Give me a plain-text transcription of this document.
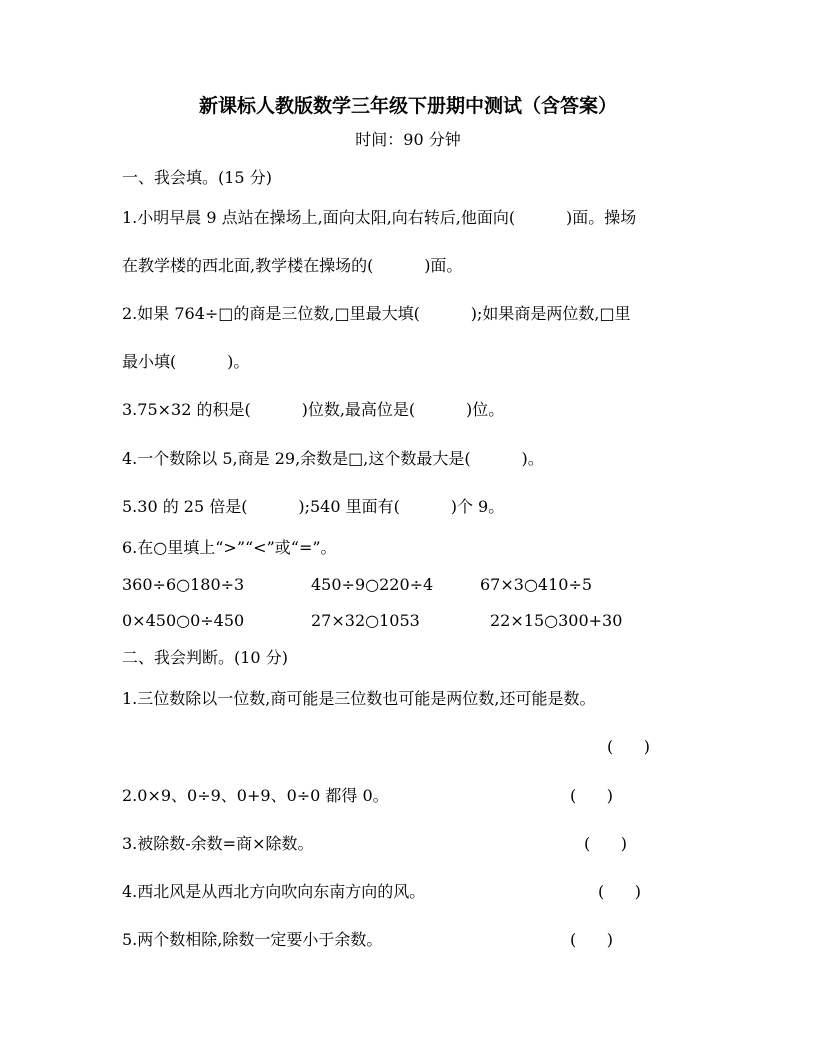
新课标人教版数学三年级下册期中测试（含答案）
时间：90 分钟
一、我会填。(15 分)
1.小明早晨 9 点站在操场上,面向太阳,向右转后,他面向(          )面。操场
在教学楼的西北面,教学楼在操场的(          )面。
2.如果 764÷□的商是三位数,□里最大填(          );如果商是两位数,□里
最小填(          )。
3.75×32 的积是(          )位数,最高位是(          )位。
4.一个数除以 5,商是 29,余数是□,这个数最大是(          )。
5.30 的 25 倍是(          );540 里面有(          )个 9。
6.在○里填上“>”“<”或“=”。
360÷6○180÷3	450÷9○220÷4	67×3○410÷5
0×450○0÷450	27×32○1053	22×15○300+30
二、我会判断。(10 分)
1.三位数除以一位数,商可能是三位数也可能是两位数,还可能是数。
(      )
2.0×9、0÷9、0+9、0÷0 都得 0。	(      )
3.被除数-余数=商×除数。	(      )
4.西北风是从西北方向吹向东南方向的风。	(      )
5.两个数相除,除数一定要小于余数。	(      )
